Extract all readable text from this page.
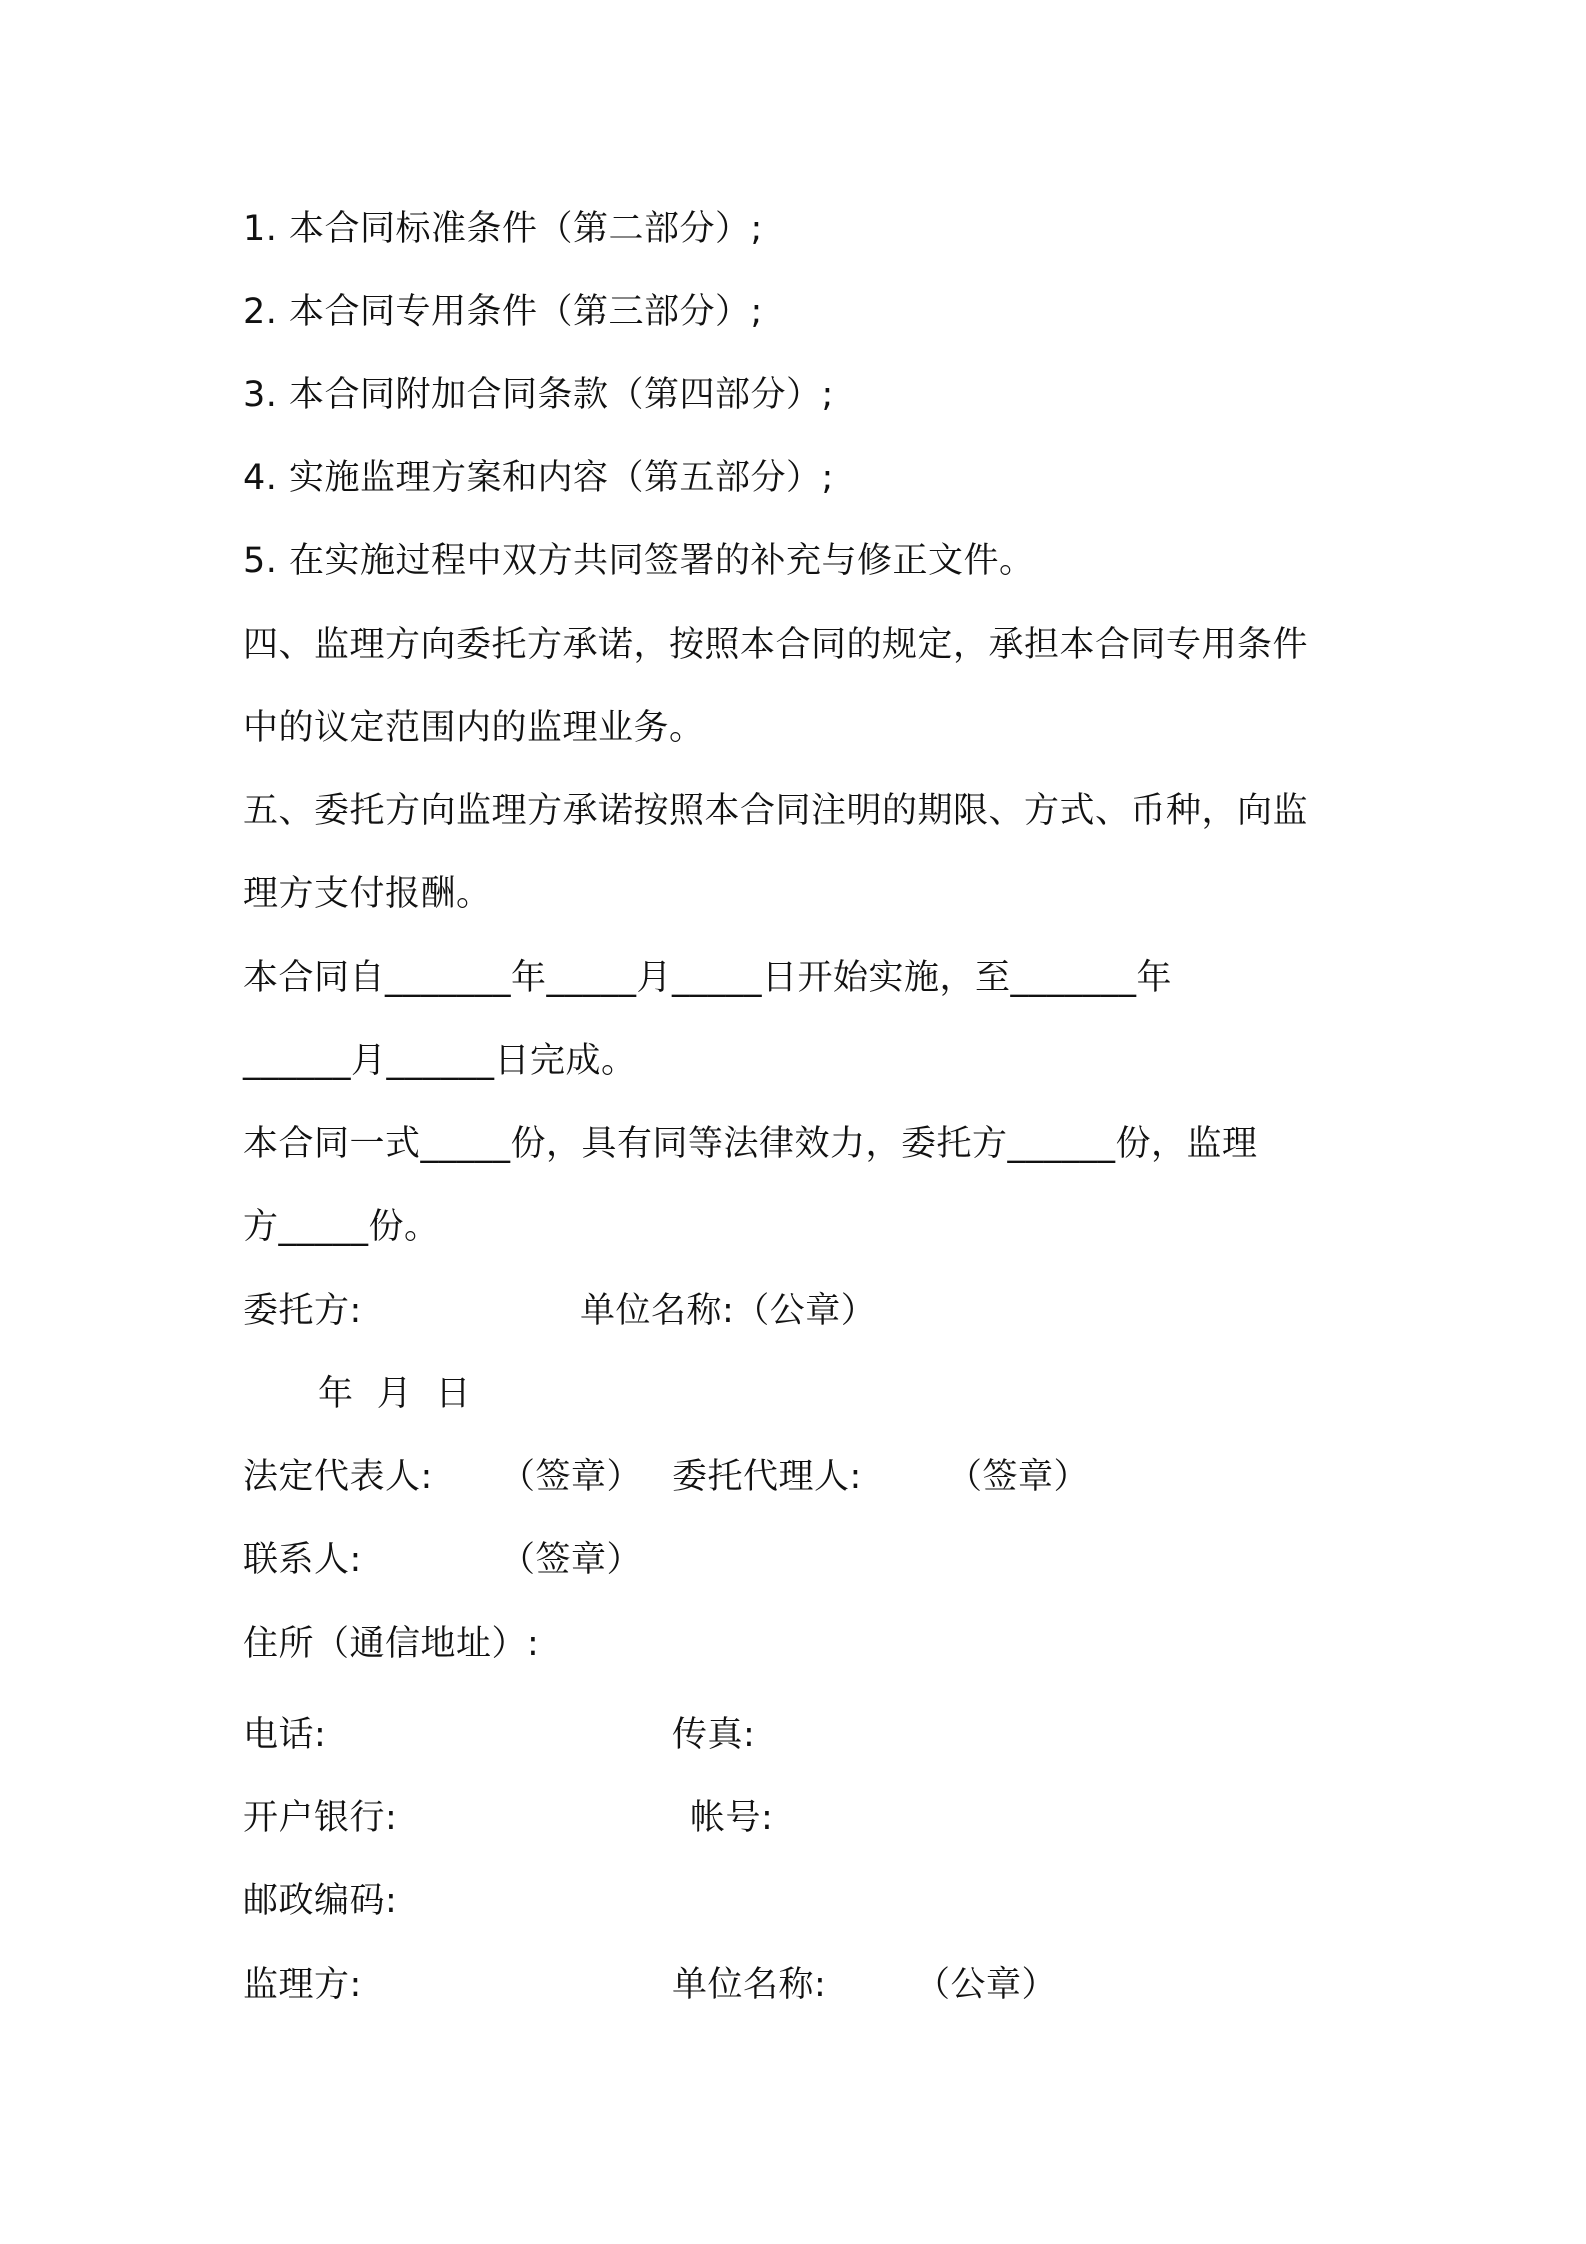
1. 本合同标准条件（第二部分）;
2. 本合同专用条件（第三部分）;
3. 本合同附加合同条款（第四部分）;
4. 实施监理方案和内容（第五部分）;
5. 在实施过程中双方共同签署的补充与修正文件。
四、监理方向委托方承诺，按照本合同的规定，承担本合同专用条件
中的议定范围内的监理业务。
五、委托方向监理方承诺按照本合同注明的期限、方式、币种，向监
理方支付报酬。
本合同自_______年_____月_____日开始实施，至_______年
______月______日完成。
本合同一式_____份，具有同等法律效力，委托方______份，监理
方_____份。
委托方:	单位名称:（公章）
年  月  日
法定代表人: （签章） 委托代理人: （签章）
联系人:	（签章）
住所（通信地址）:
电话:	传真:
开户银行:	帐号:
邮政编码:
监理方:	单位名称:	（公章）
